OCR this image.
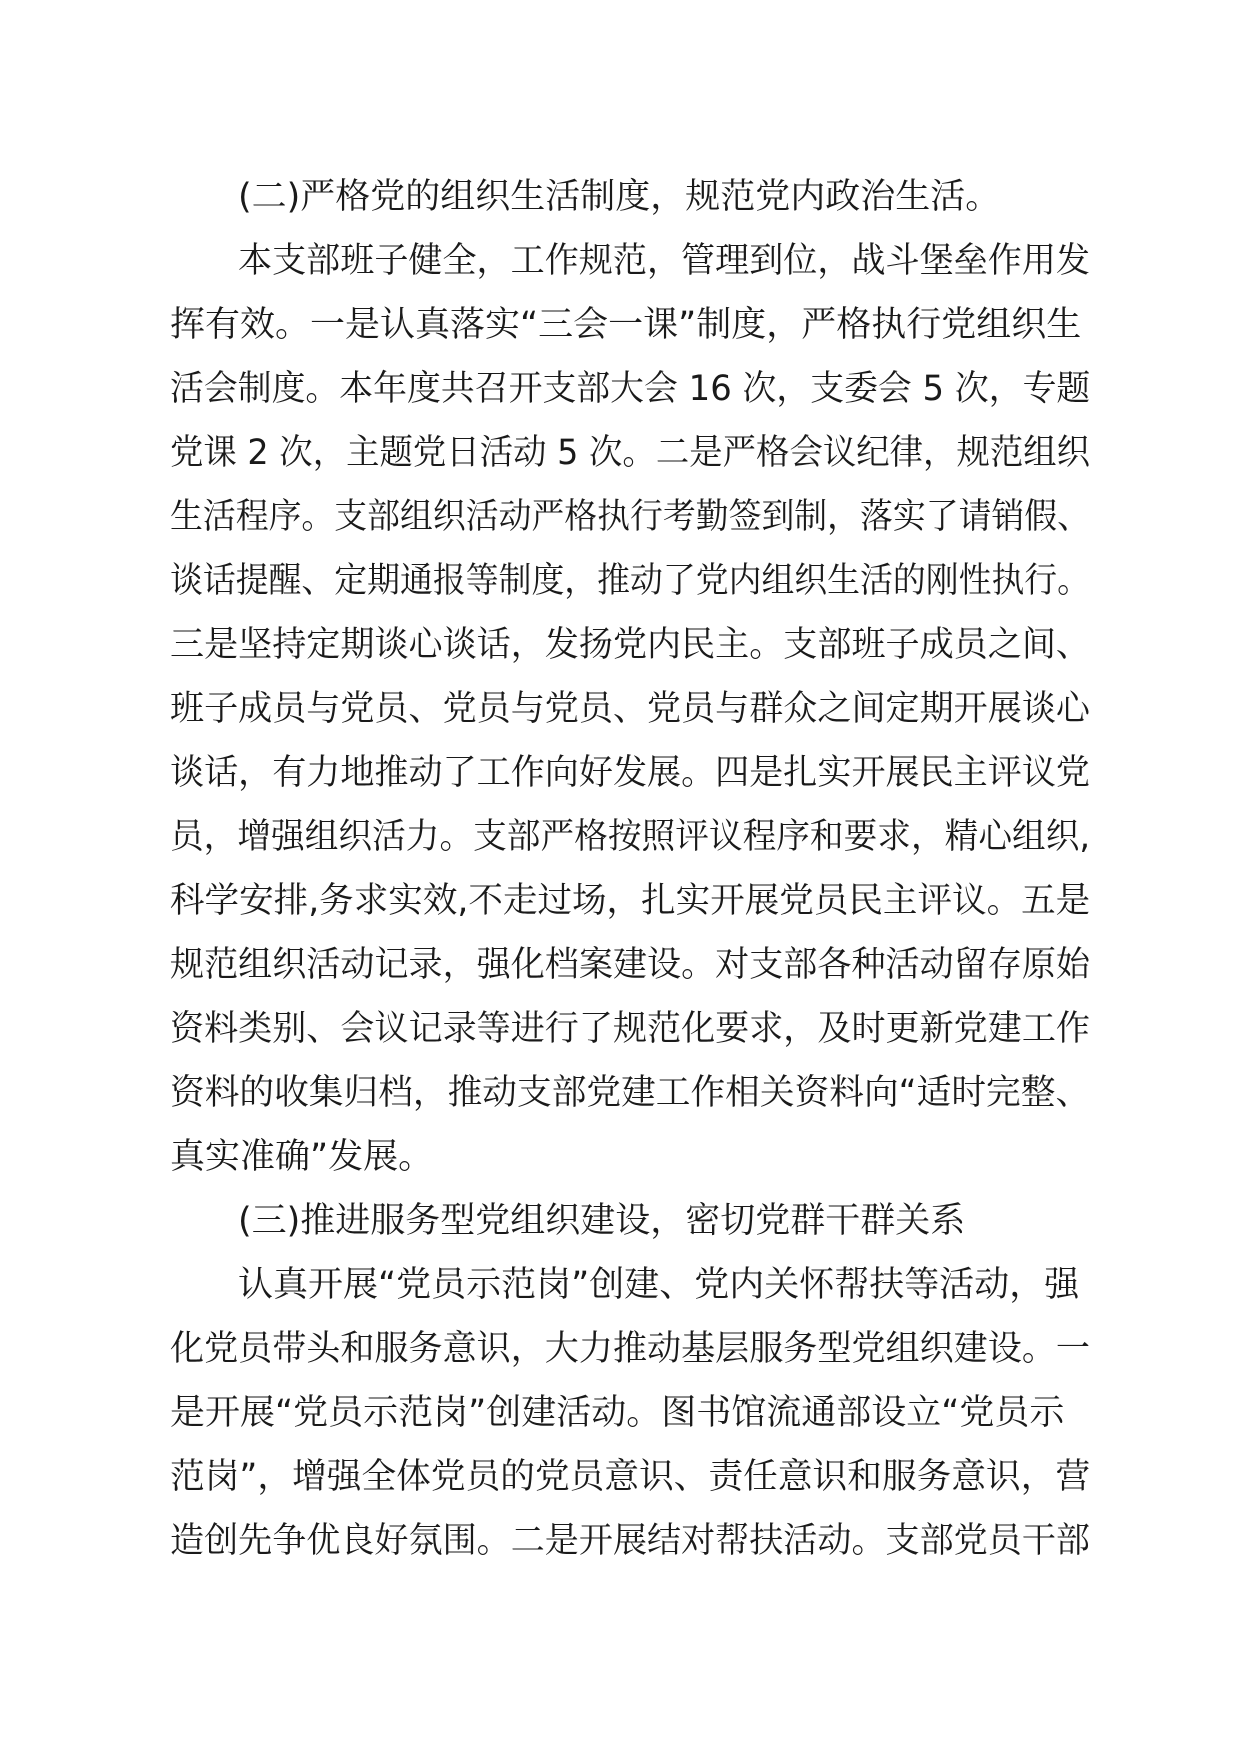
(二)严格党的组织生活制度，规范党内政治生活。
本支部班子健全，工作规范，管理到位，战斗堡垒作用发
挥有效。一是认真落实“三会一课”制度，严格执行党组织生
活会制度。本年度共召开支部大会 16 次，支委会 5 次，专题
党课 2 次，主题党日活动 5 次。二是严格会议纪律，规范组织
生活程序。支部组织活动严格执行考勤签到制，落实了请销假、
谈话提醒、定期通报等制度，推动了党内组织生活的刚性执行。
三是坚持定期谈心谈话，发扬党内民主。支部班子成员之间、
班子成员与党员、党员与党员、党员与群众之间定期开展谈心
谈话，有力地推动了工作向好发展。四是扎实开展民主评议党
员，增强组织活力。支部严格按照评议程序和要求，精心组织,
科学安排,务求实效,不走过场，扎实开展党员民主评议。五是
规范组织活动记录，强化档案建设。对支部各种活动留存原始
资料类别、会议记录等进行了规范化要求，及时更新党建工作
资料的收集归档，推动支部党建工作相关资料向“适时完整、
真实准确”发展。
(三)推进服务型党组织建设，密切党群干群关系
认真开展“党员示范岗”创建、党内关怀帮扶等活动，强
化党员带头和服务意识，大力推动基层服务型党组织建设。一
是开展“党员示范岗”创建活动。图书馆流通部设立“党员示
范岗”，增强全体党员的党员意识、责任意识和服务意识，营
造创先争优良好氛围。二是开展结对帮扶活动。支部党员干部
